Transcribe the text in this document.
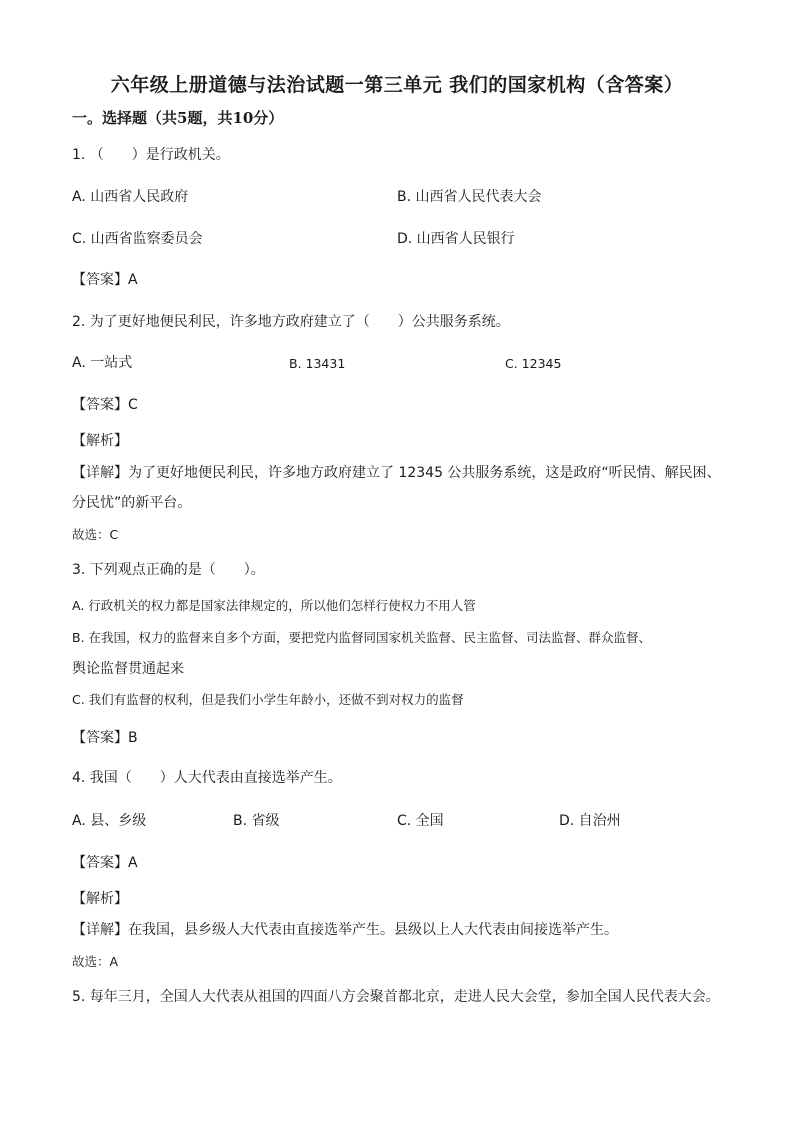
六年级上册道德与法治试题一第三单元 我们的国家机构（含答案）
一。选择题（共5题，共10分）
1. （　　）是行政机关。
A. 山西省人民政府	B. 山西省人民代表大会
C. 山西省监察委员会	D. 山西省人民银行
【答案】A
2. 为了更好地便民利民，许多地方政府建立了（　　）公共服务系统。
A. 一站式	B. 13431	C. 12345
【答案】C
【解析】
【详解】为了更好地便民利民，许多地方政府建立了 12345 公共服务系统，这是政府“听民情、解民困、
分民忧”的新平台。
故选：C
3. 下列观点正确的是（　　）。
A. 行政机关的权力都是国家法律规定的，所以他们怎样行使权力不用人管
B. 在我国，权力的监督来自多个方面，要把党内监督同国家机关监督、民主监督、司法监督、群众监督、
舆论监督贯通起来
C. 我们有监督的权利，但是我们小学生年龄小，还做不到对权力的监督
【答案】B
4. 我国（　　）人大代表由直接选举产生。
A. 县、乡级	B. 省级	C. 全国	D. 自治州
【答案】A
【解析】
【详解】在我国，县乡级人大代表由直接选举产生。县级以上人大代表由间接选举产生。
故选：A
5. 每年三月，全国人大代表从祖国的四面八方会聚首都北京，走进人民大会堂，参加全国人民代表大会。
